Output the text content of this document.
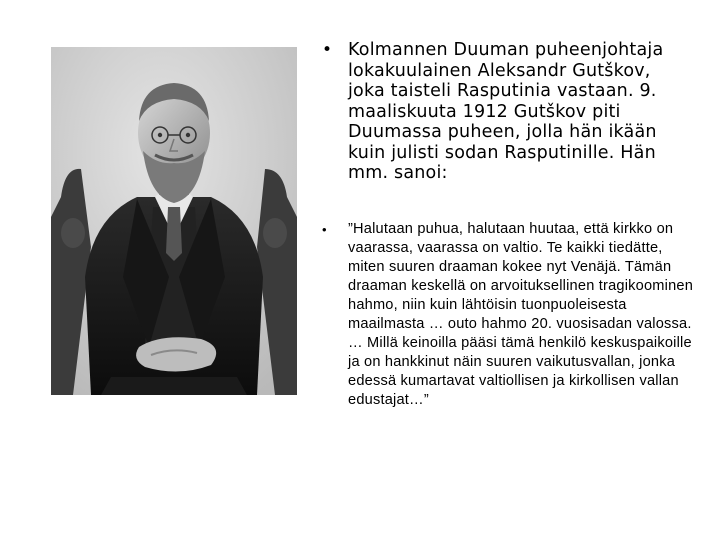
• Kolmannen Duuman puheenjohtaja lokakuulainen Aleksandr Gutškov, joka taisteli Rasputinia vastaan. 9. maaliskuuta 1912 Gutškov piti Duumassa puheen, jolla hän ikään kuin julisti sodan Rasputinille. Hän mm. sanoi:
• ”Halutaan puhua, halutaan huutaa, että kirkko on vaarassa, vaarassa on valtio. Te kaikki tiedätte, miten suuren draaman kokee nyt Venäjä. Tämän draaman keskellä on arvoituksellinen tragikoominen hahmo, niin kuin lähtöisin tuonpuoleisesta maailmasta … outo hahmo 20. vuosisadan valossa. … Millä keinoilla pääsi tämä henkilö keskuspaikoille ja on hankkinut näin suuren vaikutusvallan, jonka edessä kumartavat valtiollisen ja kirkollisen vallan edustajat…”
